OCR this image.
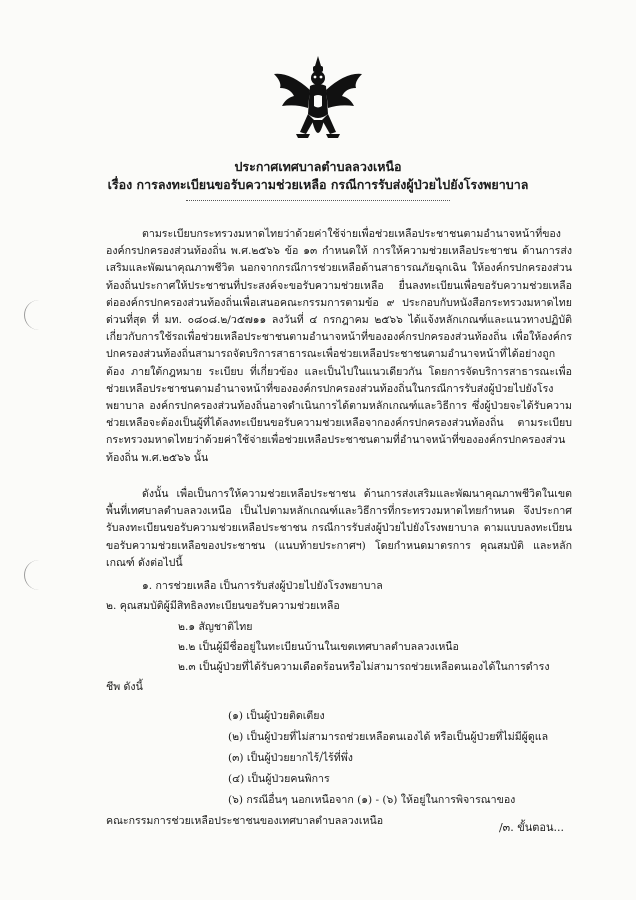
ประกาศเทศบาลตำบลลวงเหนือ
เรื่อง การลงทะเบียนขอรับความช่วยเหลือ กรณีการรับส่งผู้ป่วยไปยังโรงพยาบาล
ตามระเบียบกระทรวงมหาดไทยว่าด้วยค่าใช้จ่ายเพื่อช่วยเหลือประชาชนตามอำนาจหน้าที่ของ องค์กรปกครองส่วนท้องถิ่น พ.ศ.๒๕๖๖ ข้อ ๑๓ กำหนดให้ การให้ความช่วยเหลือประชาชน ด้านการส่งเสริมและพัฒนาคุณภาพชีวิต นอกจากกรณีการช่วยเหลือด้านสาธารณภัยฉุกเฉิน ให้องค์กรปกครองส่วนท้องถิ่นประกาศให้ประชาชนที่ประสงค์จะขอรับความช่วยเหลือ ยื่นลงทะเบียนเพื่อขอรับความช่วยเหลือต่อองค์กรปกครองส่วนท้องถิ่นเพื่อเสนอคณะกรรมการตามข้อ ๙ ประกอบกับหนังสือกระทรวงมหาดไทย ด่วนที่สุด ที่ มท. ๐๘๐๘.๒/ว๕๗๑๑ ลงวันที่ ๔ กรกฎาคม ๒๕๖๖ ได้แจ้งหลักเกณฑ์และแนวทางปฏิบัติเกี่ยวกับการใช้รถเพื่อช่วยเหลือประชาชนตามอำนาจหน้าที่ขององค์กรปกครองส่วนท้องถิ่น เพื่อให้องค์กรปกครองส่วนท้องถิ่นสามารถจัดบริการสาธารณะเพื่อช่วยเหลือประชาชนตามอำนาจหน้าที่ได้อย่างถูกต้อง ภายใต้กฎหมาย ระเบียบ ที่เกี่ยวข้อง และเป็นไปในแนวเดียวกัน โดยการจัดบริการสาธารณะเพื่อช่วยเหลือประชาชนตามอำนาจหน้าที่ขององค์กรปกครองส่วนท้องถิ่นในกรณีการรับส่งผู้ป่วยไปยังโรงพยาบาล องค์กรปกครองส่วนท้องถิ่นอาจดำเนินการได้ตามหลักเกณฑ์และวิธีการ ซึ่งผู้ป่วยจะได้รับความช่วยเหลือจะต้องเป็นผู้ที่ได้ลงทะเบียนขอรับความช่วยเหลือจากองค์กรปกครองส่วนท้องถิ่น ตามระเบียบกระทรวงมหาดไทยว่าด้วยค่าใช้จ่ายเพื่อช่วยเหลือประชาชนตามที่อำนาจหน้าที่ขององค์กรปกครองส่วนท้องถิ่น พ.ศ.๒๕๖๖ นั้น
ดังนั้น เพื่อเป็นการให้ความช่วยเหลือประชาชน ด้านการส่งเสริมและพัฒนาคุณภาพชีวิตในเขตพื้นที่เทศบาลตำบลลวงเหนือ เป็นไปตามหลักเกณฑ์และวิธีการที่กระทรวงมหาดไทยกำหนด จึงประกาศรับลงทะเบียนขอรับความช่วยเหลือประชาชน กรณีการรับส่งผู้ป่วยไปยังโรงพยาบาล ตามแบบลงทะเบียนขอรับความช่วยเหลือของประชาชน (แนบท้ายประกาศฯ) โดยกำหนดมาตรการ คุณสมบัติ และหลักเกณฑ์ ดังต่อไปนี้
๑. การช่วยเหลือ เป็นการรับส่งผู้ป่วยไปยังโรงพยาบาล
๒. คุณสมบัติผู้มีสิทธิลงทะเบียนขอรับความช่วยเหลือ
๒.๑ สัญชาติไทย
๒.๒ เป็นผู้มีชื่ออยู่ในทะเบียนบ้านในเขตเทศบาลตำบลลวงเหนือ
๒.๓ เป็นผู้ป่วยที่ได้รับความเดือดร้อนหรือไม่สามารถช่วยเหลือตนเองได้ในการดำรง
ชีพ ดังนี้
(๑) เป็นผู้ป่วยติดเตียง
(๒) เป็นผู้ป่วยที่ไม่สามารถช่วยเหลือตนเองได้ หรือเป็นผู้ป่วยที่ไม่มีผู้ดูแล
(๓) เป็นผู้ป่วยยากไร้/ไร้ที่พึ่ง
(๔) เป็นผู้ป่วยคนพิการ
(๖) กรณีอื่นๆ นอกเหนือจาก (๑) - (๖) ให้อยู่ในการพิจารณาของ
คณะกรรมการช่วยเหลือประชาชนของเทศบาลตำบลลวงเหนือ	/๓. ขั้นตอน...
